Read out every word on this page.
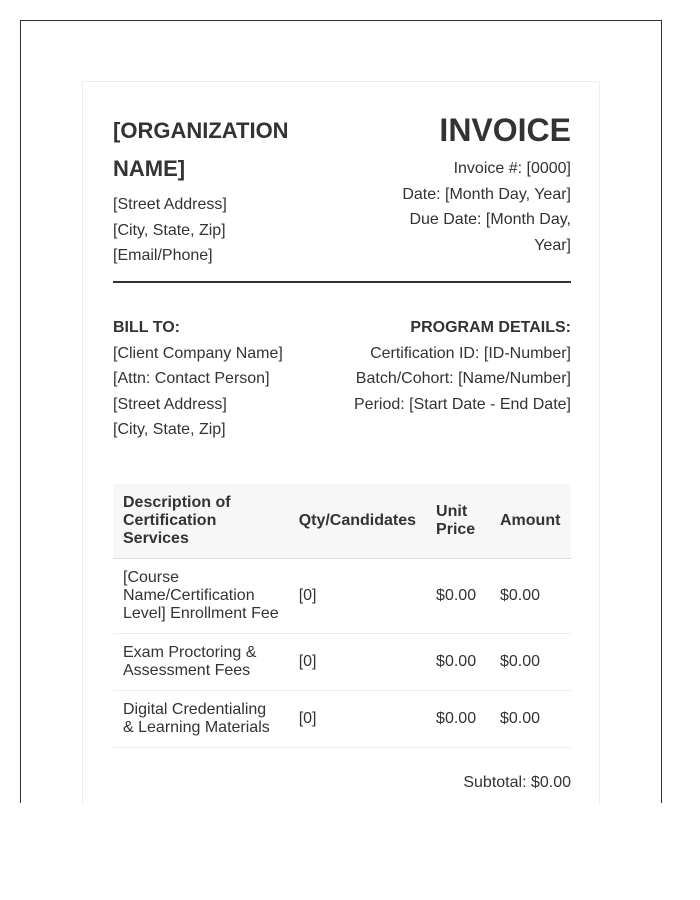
[ORGANIZATION NAME]
[Street Address]
[City, State, Zip]
[Email/Phone]
INVOICE
Invoice #: [0000]
Date: [Month Day, Year]
Due Date: [Month Day, Year]
BILL TO:
[Client Company Name]
[Attn: Contact Person]
[Street Address]
[City, State, Zip]
PROGRAM DETAILS:
Certification ID: [ID-Number]
Batch/Cohort: [Name/Number]
Period: [Start Date - End Date]
Description of Certification Services	Qty/Candidates	Unit Price	Amount
[Course Name/Certification Level] Enrollment Fee	[0]	$0.00	$0.00
Exam Proctoring & Assessment Fees	[0]	$0.00	$0.00
Digital Credentialing & Learning Materials	[0]	$0.00	$0.00
Subtotal: $0.00
